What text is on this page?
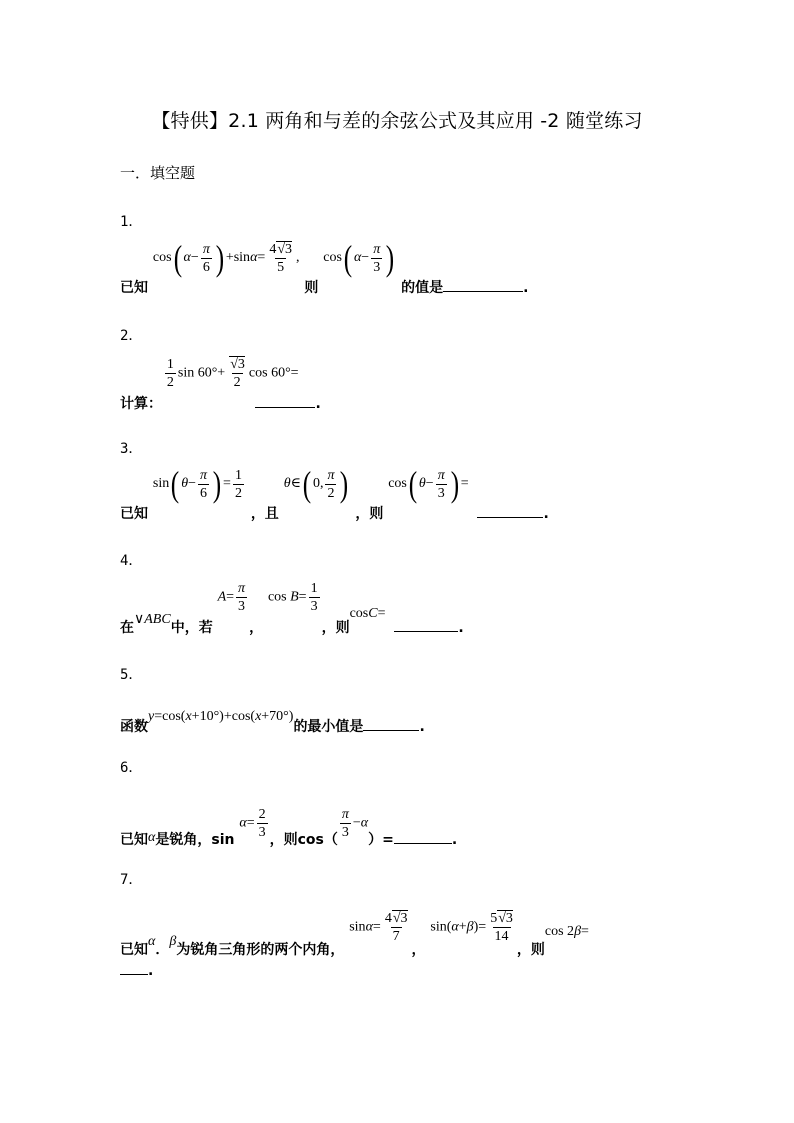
【特供】2.1 两角和与差的余弦公式及其应用 -2 随堂练习
一．填空题
1．
已知 cos( $\alpha- \frac{\pi}{6}$ ) $+\sin\alpha= \frac{4√3}{5}$ , 则 cos( $\alpha- \frac{\pi}{3}$ ) 的值是	.
2．
计算：
$\frac{1}{2}$ $\sin 60^\circ+ \frac{√3}{2}$ cos 60°= .
3．
已知 sin( $\theta- \frac{\pi}{6}$ ) = $\frac{1}{2}$
，且 θ∈( 0, $\frac{\pi}{2}$ ) ，则 cos( $\theta- \frac{\pi}{3}$ ) = .
4．
在∨ABC中，若 $A= \frac{\pi}{3}$
， $\cos B= \frac{1}{3}$
，则cosC= .
5．
函数y=cos(x+10°)+cos(x+70°)的最小值是	.
6．
已知α是锐角，$\sin \alpha= \frac{2}{3}$ ，则$\cos( \frac{\pi}{3} -\alpha)=$	.
7．
已知α．β为锐角三角形的两个内角， $\sin\alpha= \frac{4√3}{7}$
， $\sin(\alpha+\beta)= \frac{5√3}{14}$
，则cos 2β=
.
